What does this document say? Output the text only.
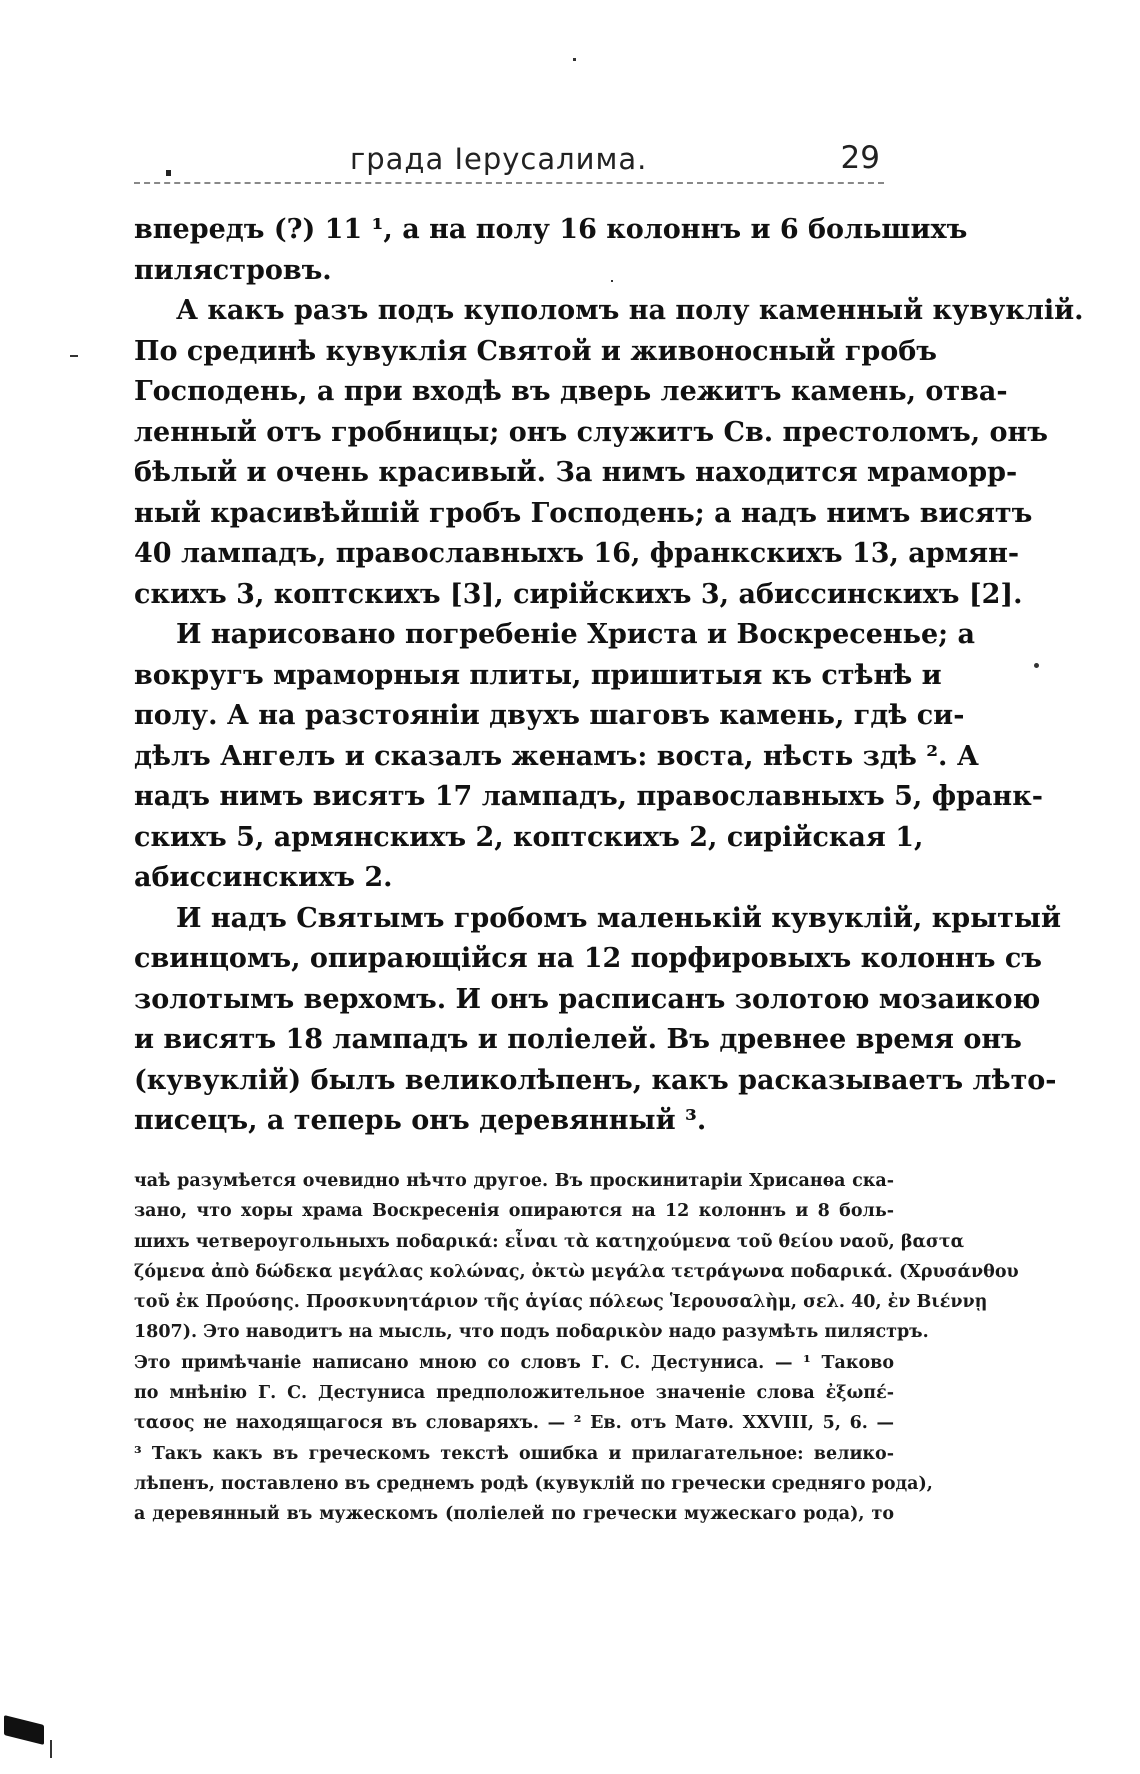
града Іерусалима.	29
впередъ (?) 11 ¹, а на полу 16 колоннъ и 6 большихъ
пилястровъ.
А какъ разъ подъ куполомъ на полу каменный кувуклій.
По срединѣ кувуклія Святой и живоносный гробъ
Господень, а при входѣ въ дверь лежитъ камень, отва-
ленный отъ гробницы; онъ служитъ Св. престоломъ, онъ
бѣлый и очень красивый. За нимъ находится мраморр-
ный красивѣйшій гробъ Господень; а надъ нимъ висятъ
40 лампадъ, православныхъ 16, франкскихъ 13, армян-
скихъ 3, коптскихъ [3], сирійскихъ 3, абиссинскихъ [2].
И нарисовано погребеніе Христа и Воскресенье; а
вокругъ мраморныя плиты, пришитыя къ стѣнѣ и
полу. А на разстояніи двухъ шаговъ камень, гдѣ си-
дѣлъ Ангелъ и сказалъ женамъ: воста, нѣсть здѣ ². А
надъ нимъ висятъ 17 лампадъ, православныхъ 5, франк-
скихъ 5, армянскихъ 2, коптскихъ 2, сирійская 1,
абиссинскихъ 2.
И надъ Святымъ гробомъ маленькій кувуклій, крытый
свинцомъ, опирающійся на 12 порфировыхъ колоннъ съ
золотымъ верхомъ. И онъ расписанъ золотою мозаикою
и висятъ 18 лампадъ и поліелей. Въ древнее время онъ
(кувуклій) былъ великолѣпенъ, какъ расказываетъ лѣто-
писецъ, а теперь онъ деревянный ³.
чаѣ разумѣется очевидно нѣчто другое. Въ проскинитаріи Хрисанѳа ска-
зано, что хоры храма Воскресенія опираются на 12 колоннъ и 8 боль-
шихъ четвероугольныхъ ποδαρικά: εἶναι τὰ κατηχούμενα τοῦ θείου ναοῦ, βαστα
ζόμενα ἀπὸ δώδεκα μεγάλας κολώνας, ὀκτὼ μεγάλα τετράγωνα ποδαρικά. (Χρυσάνθου
τοῦ ἐκ Προύσης. Προσκυνητάριον τῆς ἁγίας πόλεως Ἱερουσαλὴμ, σελ. 40, ἐν Βιέννῃ
1807). Это наводитъ на мысль, что подъ ποδαρικὸν надо разумѣть пилястръ.
Это примѣчаніе написано мною со словъ Г. С. Дестуниса. — ¹ Таково
по мнѣнію Г. С. Дестуниса предположительное значеніе слова ἐξωπέ-
τασος не находящагося въ словаряхъ. — ² Ев. отъ Матѳ. XXVIII, 5, 6. —
³ Такъ какъ въ греческомъ текстѣ ошибка и прилагательное: велико-
лѣпенъ, поставлено въ среднемъ родѣ (кувуклій по гречески средняго рода),
а деревянный въ мужескомъ (поліелей по гречески мужескаго рода), то
